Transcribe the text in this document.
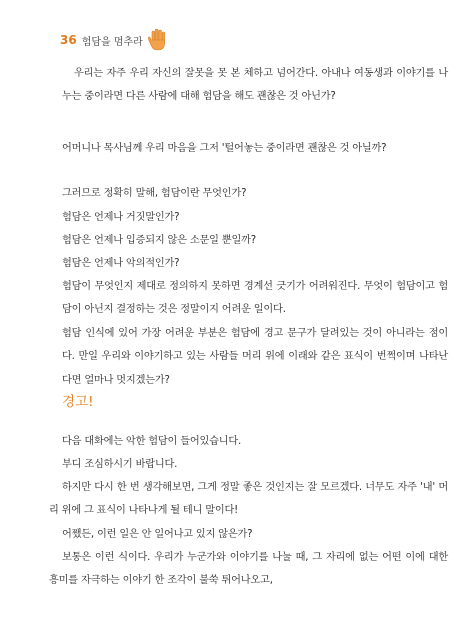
36 험담을 멈추라

우리는 자주 우리 자신의 잘못을 못 본 체하고 넘어간다. 아내나 여동생과 이야기를 나누는 중이라면 다른 사람에 대해 험담을 해도 괜찮은 것 아닌가?

어머니나 목사님께 우리 마음을 그저 '털어놓는 중이라면 괜찮은 것 아닐까?

그러므로 정확히 말해, 험담이란 무엇인가?

험담은 언제나 거짓말인가?

험담은 언제나 입증되지 않은 소문일 뿐일까?

험담은 언제나 악의적인가?

험담이 무엇인지 제대로 정의하지 못하면 경계선 긋기가 어려워진다. 무엇이 험담이고 험담이 아닌지 결정하는 것은 정말이지 어려운 일이다.

험담 인식에 있어 가장 어려운 부분은 험담에 경고 문구가 달려있는 것이 아니라는 점이다. 만일 우리와 이야기하고 있는 사람들 머리 위에 이래와 같은 표식이 번쩍이며 나타난다면 얼마나 멋지겠는가?

경고!

다음 대화에는 악한 험담이 들어있습니다.

부디 조심하시기 바랍니다.

하지만 다시 한 번 생각해보면, 그게 정말 좋은 것인지는 잘 모르겠다. 너무도 자주 '내' 머리 위에 그 표식이 나타나게 될 테니 말이다!

어쨌든, 이런 일은 안 일어나고 있지 않은가?

보통은 이런 식이다. 우리가 누군가와 이야기를 나눌 때, 그 자리에 없는 어떤 이에 대한 흥미를 자극하는 이야기 한 조각이 불쑥 튀어나오고,
